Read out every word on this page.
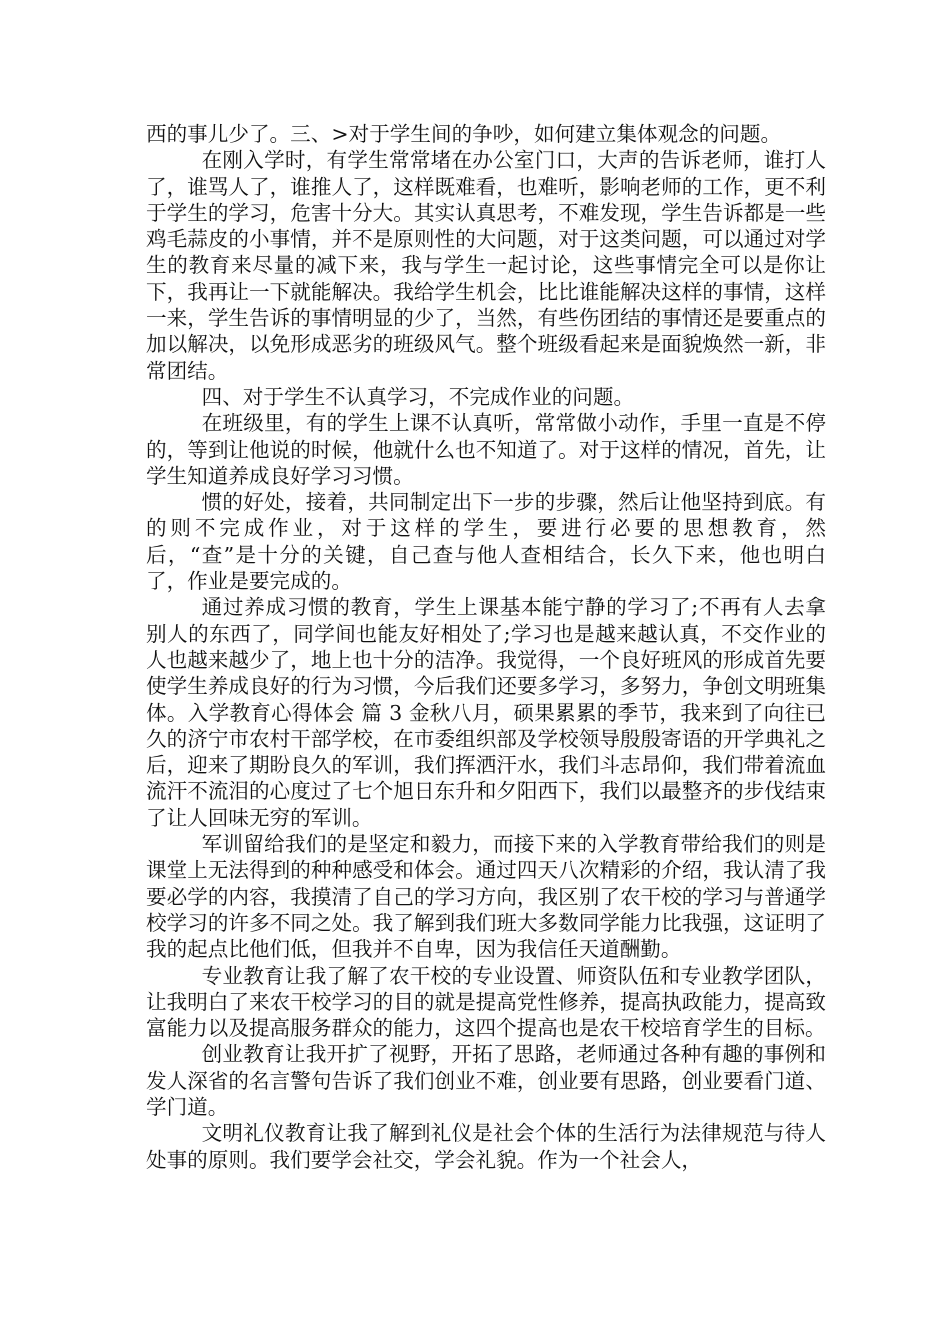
西的事儿少了。三、>对于学生间的争吵，如何建立集体观念的问题。

在刚入学时，有学生常常堵在办公室门口，大声的告诉老师，谁打人了，谁骂人了，谁推人了，这样既难看，也难听，影响老师的工作，更不利于学生的学习，危害十分大。其实认真思考，不难发现，学生告诉都是一些鸡毛蒜皮的小事情，并不是原则性的大问题，对于这类问题，可以通过对学生的教育来尽量的减下来，我与学生一起讨论，这些事情完全可以是你让下，我再让一下就能解决。我给学生机会，比比谁能解决这样的事情，这样一来，学生告诉的事情明显的少了，当然，有些伤团结的事情还是要重点的加以解决，以免形成恶劣的班级风气。整个班级看起来是面貌焕然一新，非常团结。

四、对于学生不认真学习，不完成作业的问题。

在班级里，有的学生上课不认真听，常常做小动作，手里一直是不停的，等到让他说的时候，他就什么也不知道了。对于这样的情况，首先，让学生知道养成良好学习习惯。

惯的好处，接着，共同制定出下一步的步骤，然后让他坚持到底。有的则不完成作业，对于这样的学生，要进行必要的思想教育，然后，“查”是十分的关键，自己查与他人查相结合，长久下来，他也明白了，作业是要完成的。

通过养成习惯的教育，学生上课基本能宁静的学习了;不再有人去拿别人的东西了，同学间也能友好相处了;学习也是越来越认真，不交作业的人也越来越少了，地上也十分的洁净。我觉得，一个良好班风的形成首先要使学生养成良好的行为习惯，今后我们还要多学习，多努力，争创文明班集体。入学教育心得体会 篇 3 金秋八月，硕果累累的季节，我来到了向往已久的济宁市农村干部学校，在市委组织部及学校领导殷殷寄语的开学典礼之后，迎来了期盼良久的军训，我们挥洒汗水，我们斗志昂仰，我们带着流血流汗不流泪的心度过了七个旭日东升和夕阳西下，我们以最整齐的步伐结束了让人回味无穷的军训。

军训留给我们的是坚定和毅力，而接下来的入学教育带给我们的则是课堂上无法得到的种种感受和体会。通过四天八次精彩的介绍，我认清了我要必学的内容，我摸清了自己的学习方向，我区别了农干校的学习与普通学校学习的许多不同之处。我了解到我们班大多数同学能力比我强，这证明了我的起点比他们低，但我并不自卑，因为我信任天道酬勤。

专业教育让我了解了农干校的专业设置、师资队伍和专业教学团队，让我明白了来农干校学习的目的就是提高党性修养，提高执政能力，提高致富能力以及提高服务群众的能力，这四个提高也是农干校培育学生的目标。

创业教育让我开扩了视野，开拓了思路，老师通过各种有趣的事例和发人深省的名言警句告诉了我们创业不难，创业要有思路，创业要看门道、学门道。

文明礼仪教育让我了解到礼仪是社会个体的生活行为法律规范与待人处事的原则。我们要学会社交，学会礼貌。作为一个社会人，
